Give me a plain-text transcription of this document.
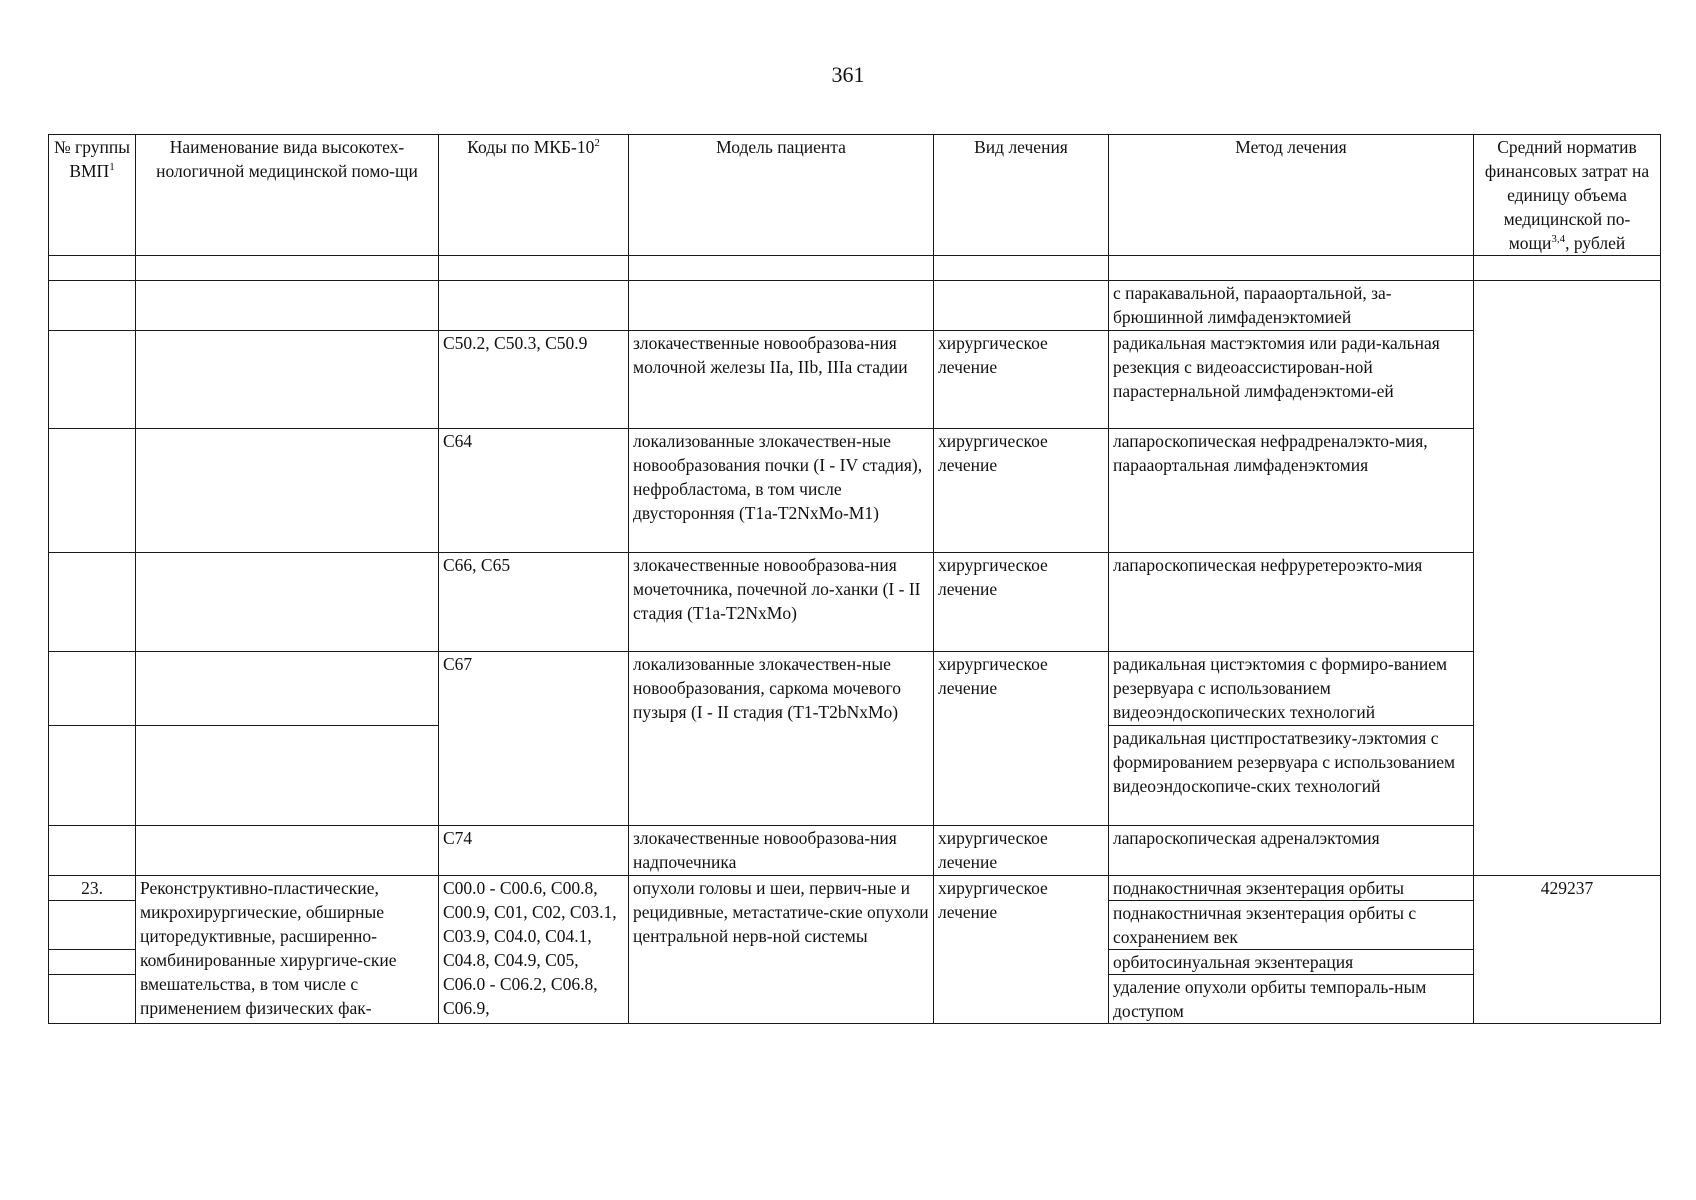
361
№ группы ВМП$^1$	Наименование вида высокотех-нологичной медицинской помо-щи	Коды по МКБ-$10^2$	Модель пациента	Вид лечения	Метод лечения	Средний норматив финансовых затрат на единицу объема медицинской по-мощи$^{3,4}$, рублей

					с паракавальной, парааортальной, за-брюшинной лимфаденэктомией	
		C50.2, C50.3, C50.9	злокачественные новообразова-ния молочной железы IIa, IIb, IIIa стадии	хирургическое лечение	радикальная мастэктомия или ради-кальная резекция с видеоассистирован-ной парастернальной лимфаденэктоми-ей	
		C64	локализованные злокачествен-ные новообразования почки (I - IV стадия), нефробластома, в том числе двусторонняя (T1a-T2NxMo-M1)	хирургическое лечение	лапароскопическая нефрадреналэкто-мия, парааортальная лимфаденэктомия	
		C66, C65	злокачественные новообразова-ния мочеточника, почечной ло-ханки (I - II стадия (T1a-T2NxMo)	хирургическое лечение	лапароскопическая нефруретероэкто-мия	
		C67	локализованные злокачествен-ные новообразования, саркома мочевого пузыря (I - II стадия (T1-T2bNxMo)	хирургическое лечение	радикальная цистэктомия с формиро-ванием резервуара с использованием видеоэндоскопических технологий	
					радикальная цистпростатвезику-лэктомия с формированием резервуара с использованием видеоэндоскопиче-ских технологий	
		C74	злокачественные новообразова-ния надпочечника	хирургическое лечение	лапароскопическая адреналэктомия	
23.	Реконструктивно-пластические, микрохирургические, обширные циторедуктивные, расширенно-комбинированные хирургиче-ские вмешательства, в том числе с применением физических фак-	C00.0 - C00.6, C00.8, C00.9, C01, C02, C03.1, C03.9, C04.0, C04.1, C04.8, C04.9, C05, C06.0 - C06.2, C06.8, C06.9,	опухоли головы и шеи, первич-ные и рецидивные, метастатиче-ские опухоли центральной нерв-ной системы	хирургическое лечение	поднакостничная экзентерация орбиты	429237
					поднакостничная экзентерация орбиты с сохранением век	
					орбитосинуальная экзентерация	
					удаление опухоли орбиты темпораль-ным доступом	
